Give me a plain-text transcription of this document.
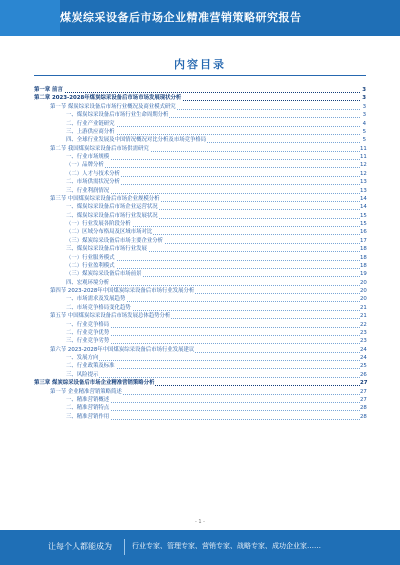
煤炭综采设备后市场企业精准营销策略研究报告
内容目录
第一章 前言	3
第二章 2023-2028年煤炭综采设备后市场市场发展现状分析	3
第一节 煤炭综采设备后市场行业概况及商业模式研究	3
一、煤炭综采设备后市场行业生命周期分析	3
二、行业产业链研究	4
三、上游供应商分析	5
四、全球行业发展及中国情况概况对比分析及市场竞争格局	5
第二节 我国煤炭综采设备后市场供需研究	11
一、行业市场规模	11
（一）品牌分析	12
（二）人才与技术分析	12
二、市场供需状况分析	13
三、行业利润情况	13
第三节 中国煤炭综采设备后市场企业规模分析	14
一、煤炭综采设备后市场企业运营状况	14
二、煤炭综采设备后市场行业发展状况	15
（一）行业发展各阶段分析	15
（二）区域分布格局及区域市场对比	16
（三）煤炭综采设备后市场主要企业分析	17
三、煤炭综采设备后市场行业发展	18
（一）行业服务模式	18
（二）行业盈利模式	18
（三）煤炭综采设备后市场前景	19
四、宏观环境分析	20
第四节 2023-2028年中国煤炭综采设备后市场行业发展分析	20
一、市场需求及发展趋势	20
二、市场竞争格局变化趋势	21
第五节 中国煤炭综采设备后市场发展总体趋势分析	21
一、行业竞争格局	22
二、行业竞争优势	23
三、行业竞争劣势	23
第六节 2023-2028年中国煤炭综采设备后市场行业发展建议	24
一、发展方向	24
二、行业政策及标准	25
三、风险提示	26
第三章 煤炭综采设备后市场企业精准营销策略分析	27
第一节 企业精准营销策略简述	27
一、精准营销概述	27
二、精准营销特点	28
三、精准营销作用	28
- 1 -
让每个人都能成为	行业专家、管理专家、营销专家、战略专家、成功企业家……
